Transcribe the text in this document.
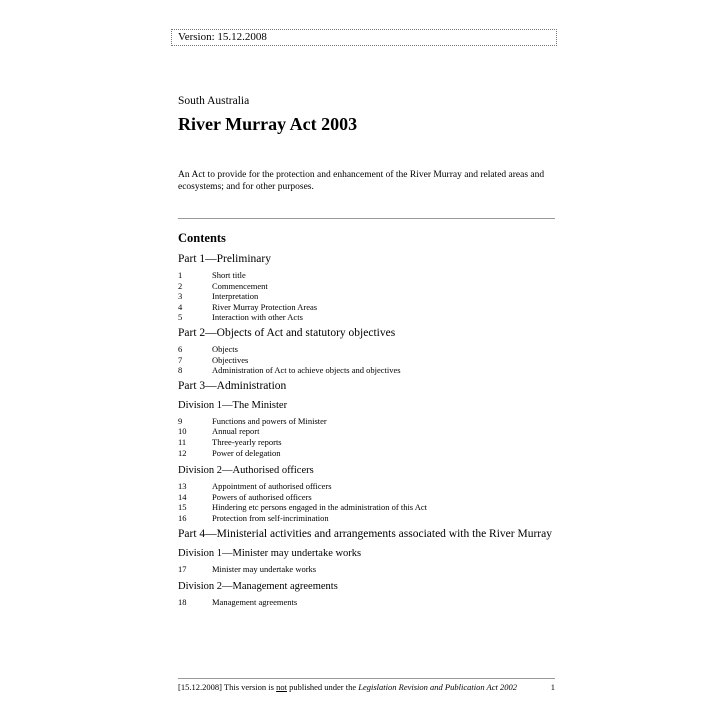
Version: 15.12.2008
South Australia
River Murray Act 2003
An Act to provide for the protection and enhancement of the River Murray and related areas and ecosystems; and for other purposes.
Contents
Part 1—Preliminary
1	Short title
2	Commencement
3	Interpretation
4	River Murray Protection Areas
5	Interaction with other Acts
Part 2—Objects of Act and statutory objectives
6	Objects
7	Objectives
8	Administration of Act to achieve objects and objectives
Part 3—Administration
Division 1—The Minister
9	Functions and powers of Minister
10	Annual report
11	Three-yearly reports
12	Power of delegation
Division 2—Authorised officers
13	Appointment of authorised officers
14	Powers of authorised officers
15	Hindering etc persons engaged in the administration of this Act
16	Protection from self-incrimination
Part 4—Ministerial activities and arrangements associated with the River Murray
Division 1—Minister may undertake works
17	Minister may undertake works
Division 2—Management agreements
18	Management agreements
[15.12.2008] This version is not published under the Legislation Revision and Publication Act 2002	1
